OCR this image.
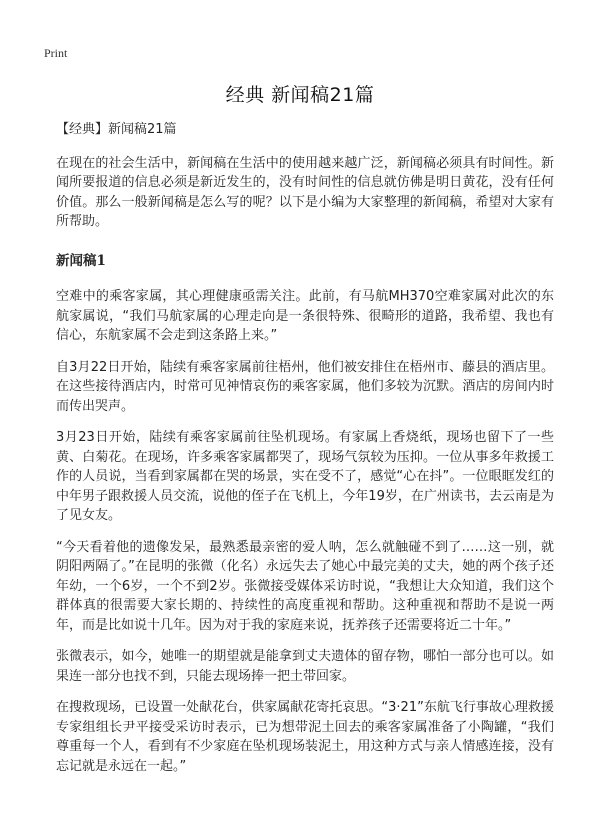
Print
经典 新闻稿21篇

【经典】新闻稿21篇

在现在的社会生活中，新闻稿在生活中的使用越来越广泛，新闻稿必须具有时间性。新闻所要报道的信息必须是新近发生的，没有时间性的信息就仿佛是明日黄花，没有任何价值。那么一般新闻稿是怎么写的呢？以下是小编为大家整理的新闻稿，希望对大家有所帮助。

新闻稿1

空难中的乘客家属，其心理健康亟需关注。此前，有马航MH370空难家属对此次的东航家属说，“我们马航家属的心理走向是一条很特殊、很畸形的道路，我希望、我也有信心，东航家属不会走到这条路上来。”

自3月22日开始，陆续有乘客家属前往梧州，他们被安排住在梧州市、藤县的酒店里。在这些接待酒店内，时常可见神情哀伤的乘客家属，他们多较为沉默。酒店的房间内时而传出哭声。

3月23日开始，陆续有乘客家属前往坠机现场。有家属上香烧纸，现场也留下了一些黄、白菊花。在现场，许多乘客家属都哭了，现场气氛较为压抑。一位从事多年救援工作的人员说，当看到家属都在哭的场景，实在受不了，感觉“心在抖”。一位眼眶发红的中年男子跟救援人员交流，说他的侄子在飞机上，今年19岁，在广州读书，去云南是为了见女友。

“今天看着他的遗像发呆，最熟悉最亲密的爱人呐，怎么就触碰不到了……这一别，就阴阳两隔了。”在昆明的张微（化名）永远失去了她心中最完美的丈夫，她的两个孩子还年幼，一个6岁，一个不到2岁。张微接受媒体采访时说，“我想让大众知道，我们这个群体真的很需要大家长期的、持续性的高度重视和帮助。这种重视和帮助不是说一两年，而是比如说十几年。因为对于我的家庭来说，抚养孩子还需要将近二十年。”

张微表示，如今，她唯一的期望就是能拿到丈夫遗体的留存物，哪怕一部分也可以。如果连一部分也找不到，只能去现场捧一把土带回家。

在搜救现场，已设置一处献花台，供家属献花寄托哀思。“3·21”东航飞行事故心理救援专家组组长尹平接受采访时表示，已为想带泥土回去的乘客家属准备了小陶罐，“我们尊重每一个人，看到有不少家庭在坠机现场装泥土，用这种方式与亲人情感连接，没有忘记就是永远在一起。”
